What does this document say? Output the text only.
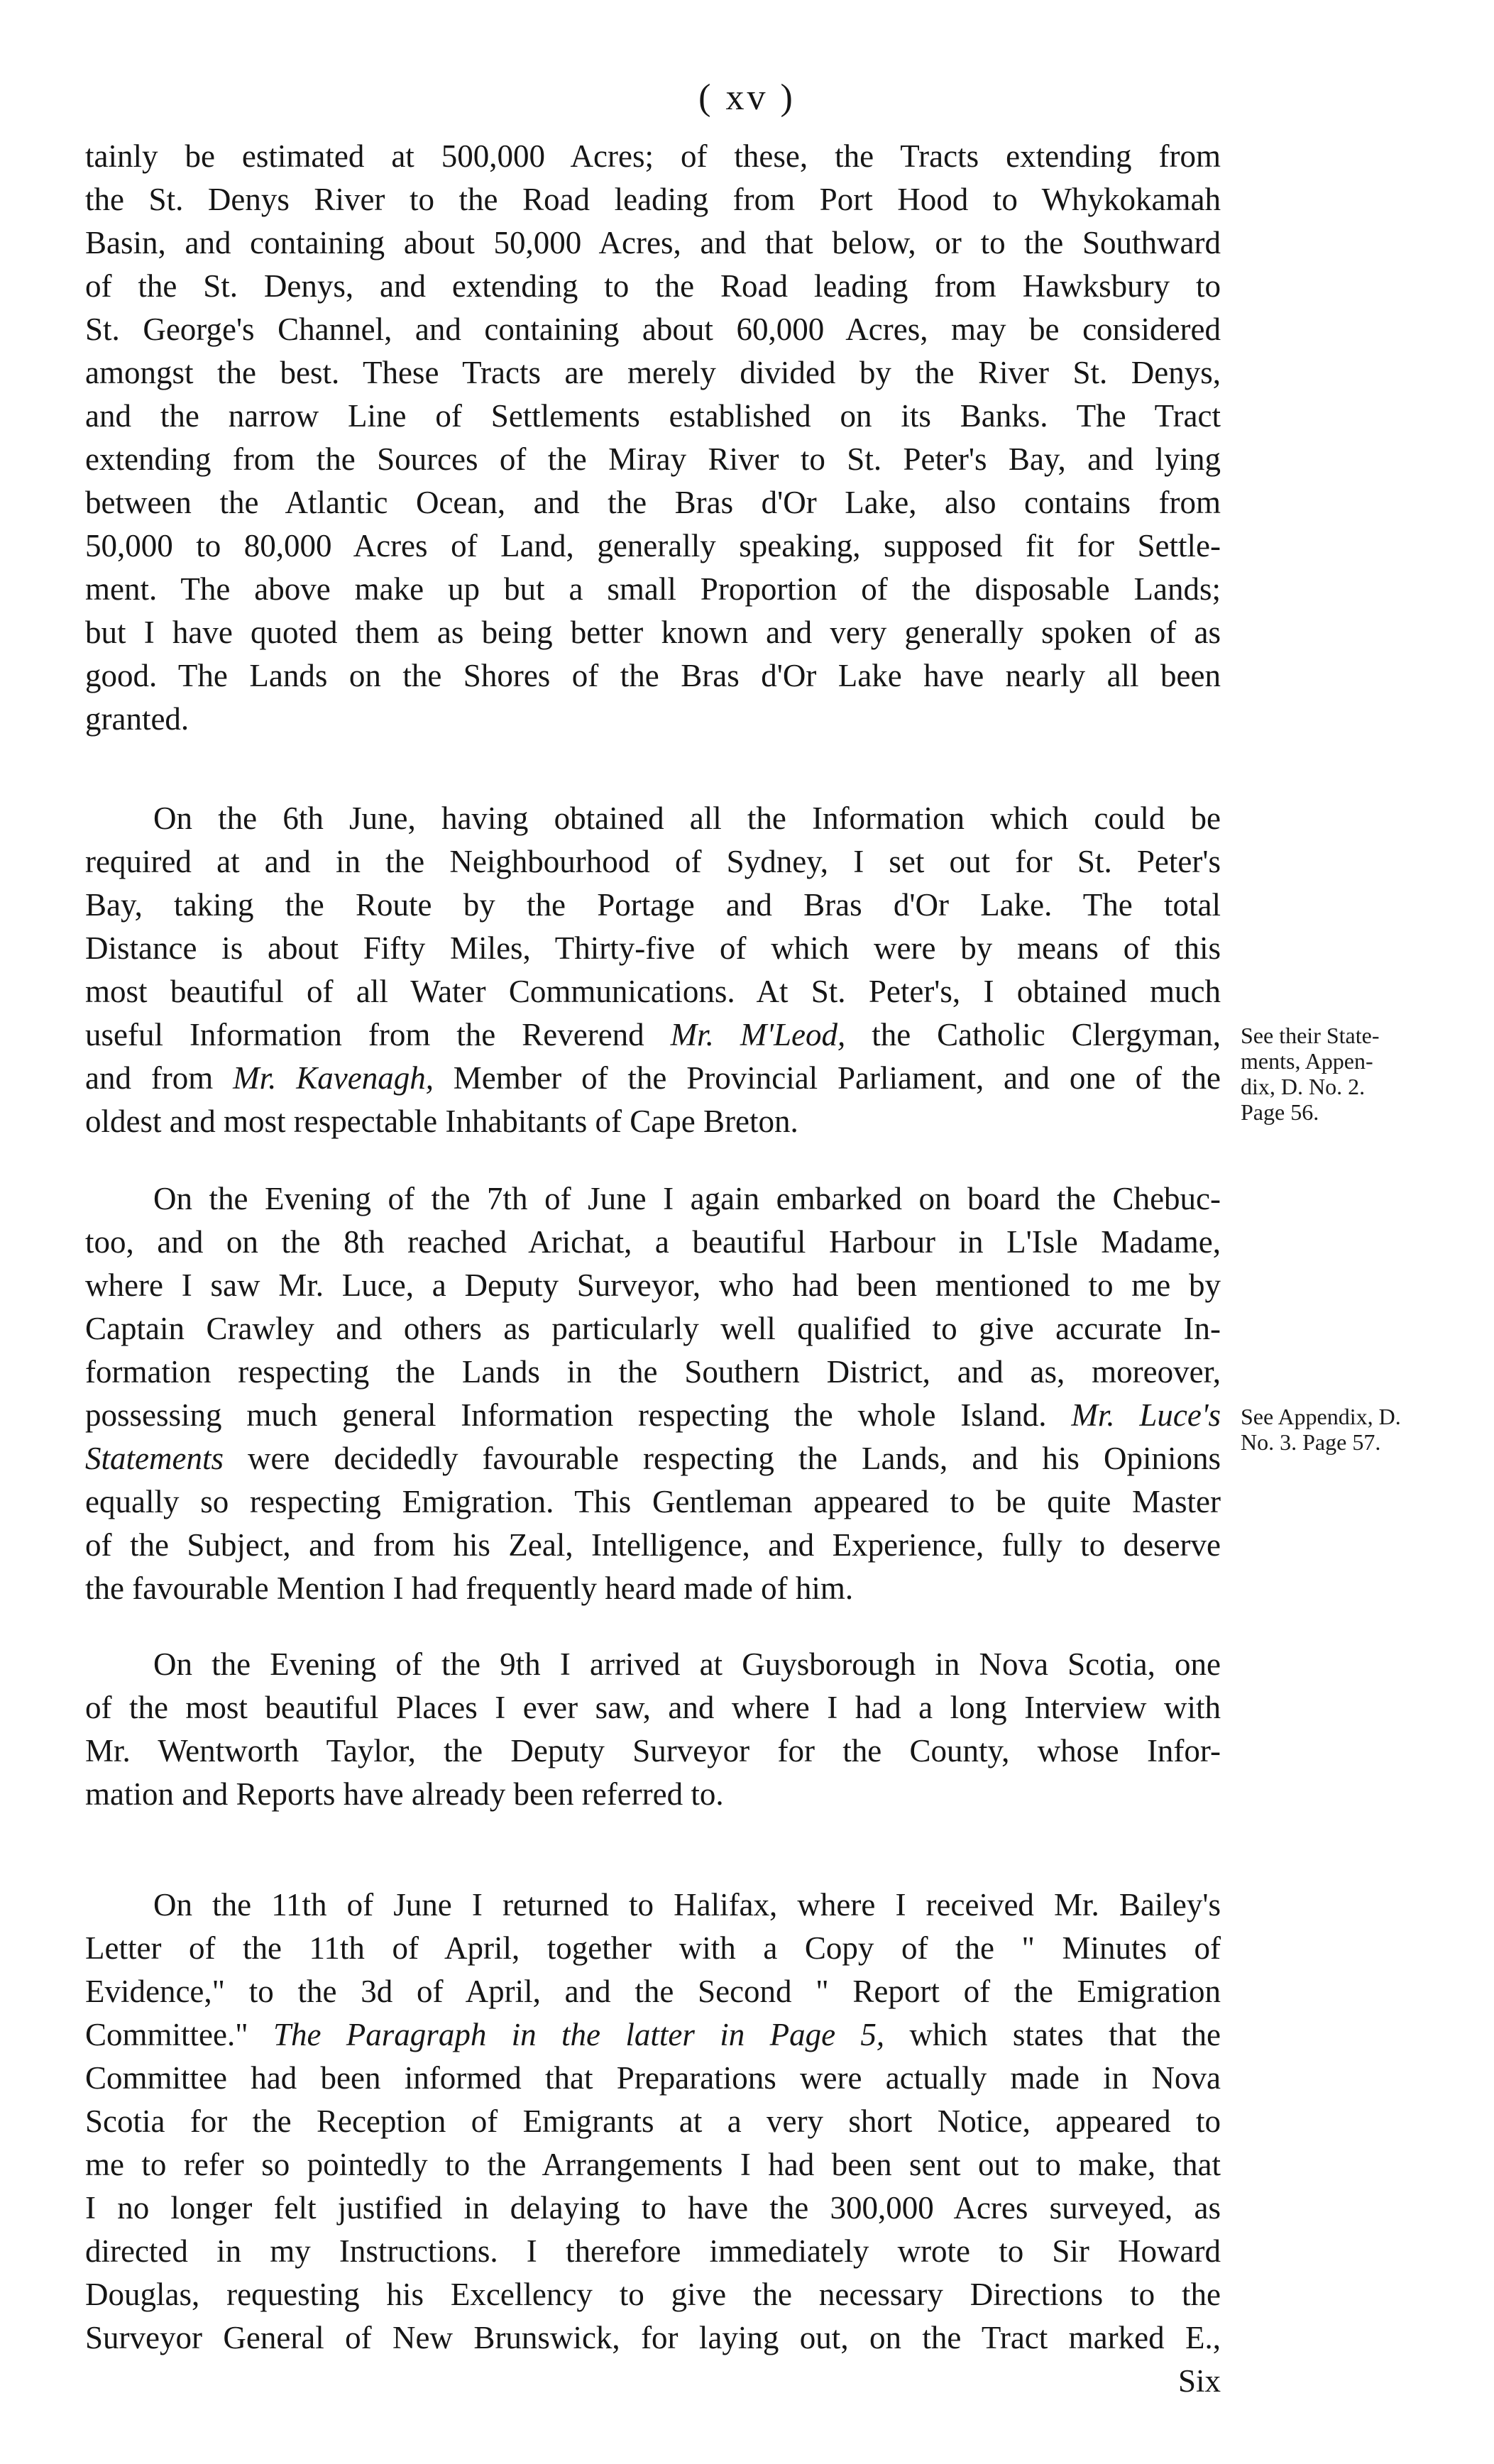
( xv )
tainly be estimated at 500,000 Acres; of these, the Tracts extending from
the St. Denys River to the Road leading from Port Hood to Whykokamah
Basin, and containing about 50,000 Acres, and that below, or to the Southward
of the St. Denys, and extending to the Road leading from Hawksbury to
St. George's Channel, and containing about 60,000 Acres, may be considered
amongst the best. These Tracts are merely divided by the River St. Denys,
and the narrow Line of Settlements established on its Banks. The Tract
extending from the Sources of the Miray River to St. Peter's Bay, and lying
between the Atlantic Ocean, and the Bras d'Or Lake, also contains from
50,000 to 80,000 Acres of Land, generally speaking, supposed fit for Settle-
ment. The above make up but a small Proportion of the disposable Lands;
but I have quoted them as being better known and very generally spoken of as
good. The Lands on the Shores of the Bras d'Or Lake have nearly all been
granted.
On the 6th June, having obtained all the Information which could be
required at and in the Neighbourhood of Sydney, I set out for St. Peter's
Bay, taking the Route by the Portage and Bras d'Or Lake. The total
Distance is about Fifty Miles, Thirty-five of which were by means of this
most beautiful of all Water Communications. At St. Peter's, I obtained much
useful Information from the Reverend Mr. M'Leod, the Catholic Clergyman,
and from Mr. Kavenagh, Member of the Provincial Parliament, and one of the
oldest and most respectable Inhabitants of Cape Breton.
On the Evening of the 7th of June I again embarked on board the Chebuc-
too, and on the 8th reached Arichat, a beautiful Harbour in L'Isle Madame,
where I saw Mr. Luce, a Deputy Surveyor, who had been mentioned to me by
Captain Crawley and others as particularly well qualified to give accurate In-
formation respecting the Lands in the Southern District, and as, moreover,
possessing much general Information respecting the whole Island. Mr. Luce's
Statements were decidedly favourable respecting the Lands, and his Opinions
equally so respecting Emigration. This Gentleman appeared to be quite Master
of the Subject, and from his Zeal, Intelligence, and Experience, fully to deserve
the favourable Mention I had frequently heard made of him.
On the Evening of the 9th I arrived at Guysborough in Nova Scotia, one
of the most beautiful Places I ever saw, and where I had a long Interview with
Mr. Wentworth Taylor, the Deputy Surveyor for the County, whose Infor-
mation and Reports have already been referred to.
On the 11th of June I returned to Halifax, where I received Mr. Bailey's
Letter of the 11th of April, together with a Copy of the " Minutes of
Evidence," to the 3d of April, and the Second " Report of the Emigration
Committee." The Paragraph in the latter in Page 5, which states that the
Committee had been informed that Preparations were actually made in Nova
Scotia for the Reception of Emigrants at a very short Notice, appeared to
me to refer so pointedly to the Arrangements I had been sent out to make, that
I no longer felt justified in delaying to have the 300,000 Acres surveyed, as
directed in my Instructions. I therefore immediately wrote to Sir Howard
Douglas, requesting his Excellency to give the necessary Directions to the
Surveyor General of New Brunswick, for laying out, on the Tract marked E.,
Six
See their State-
ments, Appen-
dix, D. No. 2.
Page 56.
See Appendix, D.
No. 3. Page 57.
